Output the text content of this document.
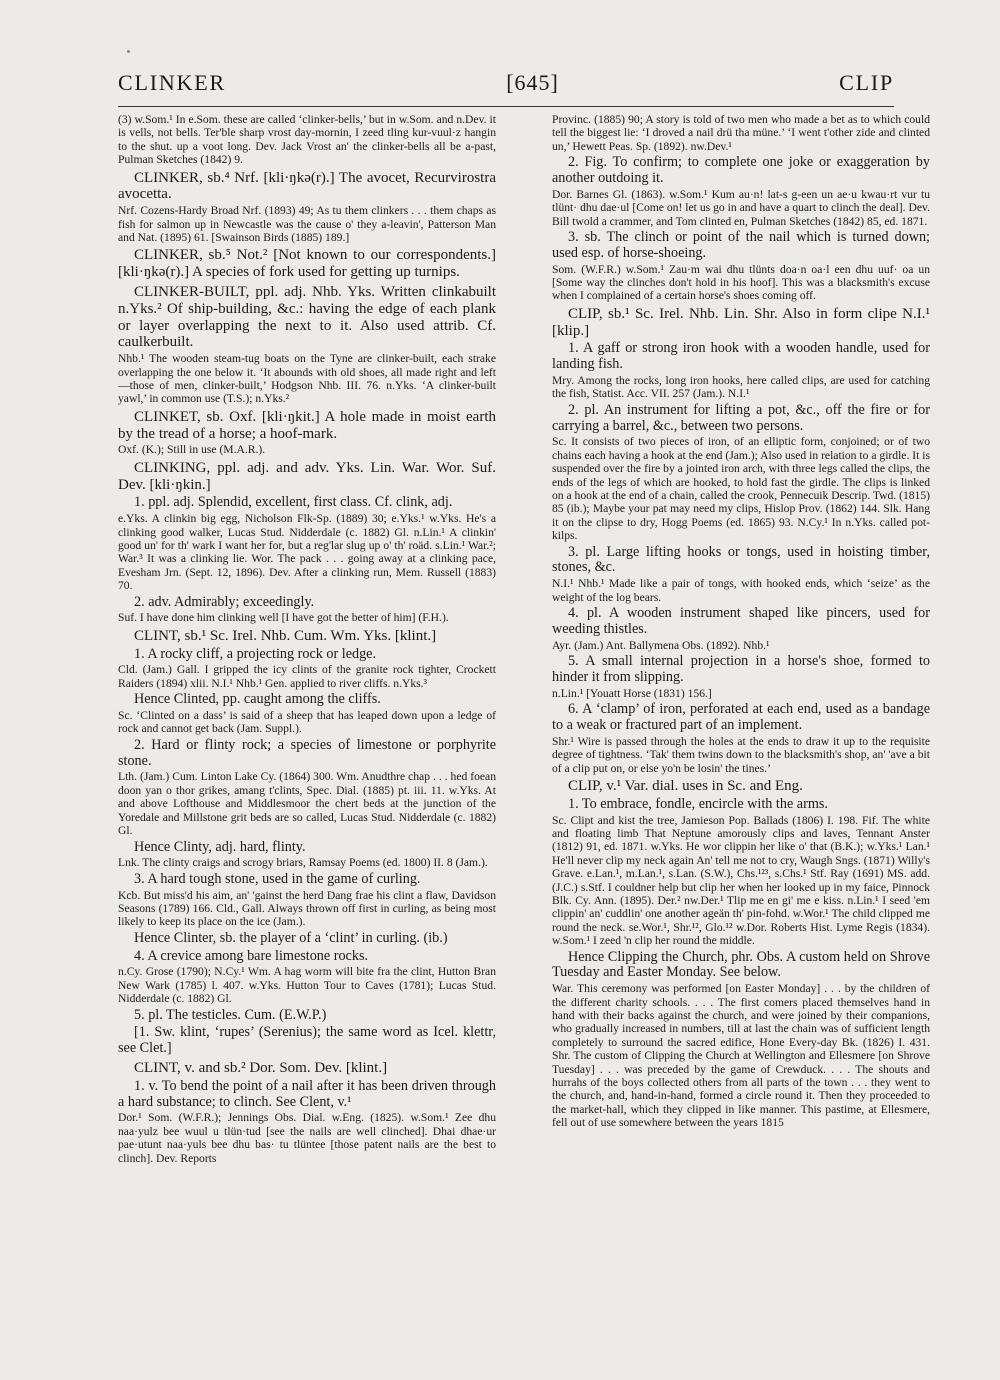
CLINKER	[645]	CLIP

(3) w.Som.¹ In e.Som. these are called ‘clinker-bells,’ but in w.Som. and n.Dev. it is vells, not bells. Ter'ble sharp vrost day-mornin, I zeed tling kur-vuul·z hangin to the shut. up a voot long. Dev. Jack Vrost an' the clinker-bells all be a-past, Pulman Sketches (1842) 9.

CLINKER, sb.⁴ Nrf. [kli·ŋkə(r).] The avocet, Recurvirostra avocetta.

Nrf. Cozens-Hardy Broad Nrf. (1893) 49; As tu them clinkers . . . them chaps as fish for salmon up in Newcastle was the cause o' they a-leavin', Patterson Man and Nat. (1895) 61. [Swainson Birds (1885) 189.]

CLINKER, sb.⁵ Not.² [Not known to our correspondents.] [kli·ŋkə(r).] A species of fork used for getting up turnips.

CLINKER-BUILT, ppl. adj. Nhb. Yks. Written clinkabuilt n.Yks.² Of ship-building, &c.: having the edge of each plank or layer overlapping the next to it. Also used attrib. Cf. caulkerbuilt.

Nhb.¹ The wooden steam-tug boats on the Tyne are clinker-built, each strake overlapping the one below it. ‘It abounds with old shoes, all made right and left—those of men, clinker-built,’ Hodgson Nhb. III. 76. n.Yks. ‘A clinker-built yawl,’ in common use (T.S.); n.Yks.²

CLINKET, sb. Oxf. [kli·ŋkit.] A hole made in moist earth by the tread of a horse; a hoof-mark.

Oxf. (K.); Still in use (M.A.R.).

CLINKING, ppl. adj. and adv. Yks. Lin. War. Wor. Suf. Dev. [kli·ŋkin.]

1. ppl. adj. Splendid, excellent, first class. Cf. clink, adj.

e.Yks. A clinkin big egg, Nicholson Flk-Sp. (1889) 30; e.Yks.¹ w.Yks. He's a clinking good walker, Lucas Stud. Nidderdale (c. 1882) Gl. n.Lin.¹ A clinkin' good un' for th' wark I want her for, but a reg'lar slug up o' th' roäd. s.Lin.¹ War.²; War.³ It was a clinking lie. Wor. The pack . . . going away at a clinking pace, Evesham Jrn. (Sept. 12, 1896). Dev. After a clinking run, Mem. Russell (1883) 70.

2. adv. Admirably; exceedingly.

Suf. I have done him clinking well [I have got the better of him] (F.H.).

CLINT, sb.¹ Sc. Irel. Nhb. Cum. Wm. Yks. [klint.]

1. A rocky cliff, a projecting rock or ledge.

Cld. (Jam.) Gall. I gripped the icy clints of the granite rock tighter, Crockett Raiders (1894) xlii. N.I.¹ Nhb.¹ Gen. applied to river cliffs. n.Yks.³

Hence Clinted, pp. caught among the cliffs.

Sc. ‘Clinted on a dass’ is said of a sheep that has leaped down upon a ledge of rock and cannot get back (Jam. Suppl.).

2. Hard or flinty rock; a species of limestone or porphyrite stone.

Lth. (Jam.) Cum. Linton Lake Cy. (1864) 300. Wm. Anudthre chap . . . hed foean doon yan o thor grikes, amang t'clints, Spec. Dial. (1885) pt. iii. 11. w.Yks. At and above Lofthouse and Middlesmoor the chert beds at the junction of the Yoredale and Millstone grit beds are so called, Lucas Stud. Nidderdale (c. 1882) Gl.

Hence Clinty, adj. hard, flinty.

Lnk. The clinty craigs and scrogy briars, Ramsay Poems (ed. 1800) II. 8 (Jam.).

3. A hard tough stone, used in the game of curling.

Kcb. But miss'd his aim, an' 'gainst the herd Dang frae his clint a flaw, Davidson Seasons (1789) 166. Cld., Gall. Always thrown off first in curling, as being most likely to keep its place on the ice (Jam.).

Hence Clinter, sb. the player of a ‘clint’ in curling. (ib.)

4. A crevice among bare limestone rocks.

n.Cy. Grose (1790); N.Cy.¹ Wm. A hag worm will bite fra the clint, Hutton Bran New Wark (1785) l. 407. w.Yks. Hutton Tour to Caves (1781); Lucas Stud. Nidderdale (c. 1882) Gl.

5. pl. The testicles. Cum. (E.W.P.)

[1. Sw. klint, ‘rupes’ (Serenius); the same word as Icel. klettr, see Clet.]

CLINT, v. and sb.² Dor. Som. Dev. [klint.]

1. v. To bend the point of a nail after it has been driven through a hard substance; to clinch. See Clent, v.¹

Dor.¹ Som. (W.F.R.); Jennings Obs. Dial. w.Eng. (1825). w.Som.¹ Zee dhu naa·yulz bee wuul u tlün·tud [see the nails are well clinched]. Dhai dhae·ur pae·utunt naa·yuls bee dhu bas· tu tlüntee [those patent nails are the best to clinch]. Dev. Reports

Provinc. (1885) 90; A story is told of two men who made a bet as to which could tell the biggest lie: ‘I droved a nail drü tha müne.’ ‘I went t'other zide and clinted un,’ Hewett Peas. Sp. (1892). nw.Dev.¹

2. Fig. To confirm; to complete one joke or exaggeration by another outdoing it.

Dor. Barnes Gl. (1863). w.Som.¹ Kum au·n! lat-s g-een un ae·u kwau·rt vur tu tlünt· dhu dae·ul [Come on! let us go in and have a quart to clinch the deal]. Dev. Bill twold a crammer, and Tom clinted en, Pulman Sketches (1842) 85, ed. 1871.

3. sb. The clinch or point of the nail which is turned down; used esp. of horse-shoeing.

Som. (W.F.R.) w.Som.¹ Zau·m wai dhu tlünts doa·n oa·l een dhu uuf· oa un [Some way the clinches don't hold in his hoof]. This was a blacksmith's excuse when I complained of a certain horse's shoes coming off.

CLIP, sb.¹ Sc. Irel. Nhb. Lin. Shr. Also in form clipe N.I.¹ [klip.]

1. A gaff or strong iron hook with a wooden handle, used for landing fish.

Mry. Among the rocks, long iron hooks, here called clips, are used for catching the fish, Statist. Acc. VII. 257 (Jam.). N.I.¹

2. pl. An instrument for lifting a pot, &c., off the fire or for carrying a barrel, &c., between two persons.

Sc. It consists of two pieces of iron, of an elliptic form, conjoined; or of two chains each having a hook at the end (Jam.); Also used in relation to a girdle. It is suspended over the fire by a jointed iron arch, with three legs called the clips, the ends of the legs of which are hooked, to hold fast the girdle. The clips is linked on a hook at the end of a chain, called the crook, Pennecuik Descrip. Twd. (1815) 85 (ib.); Maybe your pat may need my clips, Hislop Prov. (1862) 144. Slk. Hang it on the clipse to dry, Hogg Poems (ed. 1865) 93. N.Cy.¹ In n.Yks. called pot-kilps.

3. pl. Large lifting hooks or tongs, used in hoisting timber, stones, &c.

N.I.¹ Nhb.¹ Made like a pair of tongs, with hooked ends, which ‘seize’ as the weight of the log bears.

4. pl. A wooden instrument shaped like pincers, used for weeding thistles.

Ayr. (Jam.) Ant. Ballymena Obs. (1892). Nhb.¹

5. A small internal projection in a horse's shoe, formed to hinder it from slipping.

n.Lin.¹ [Youatt Horse (1831) 156.]

6. A ‘clamp’ of iron, perforated at each end, used as a bandage to a weak or fractured part of an implement.

Shr.¹ Wire is passed through the holes at the ends to draw it up to the requisite degree of tightness. ‘Tak' them twins down to the blacksmith's shop, an' 'ave a bit of a clip put on, or else yo'n be losin' the tines.’

CLIP, v.¹ Var. dial. uses in Sc. and Eng.

1. To embrace, fondle, encircle with the arms.

Sc. Clipt and kist the tree, Jamieson Pop. Ballads (1806) I. 198. Fif. The white and floating limb That Neptune amorously clips and laves, Tennant Anster (1812) 91, ed. 1871. w.Yks. He wor clippin her like o' that (B.K.); w.Yks.¹ Lan.¹ He'll never clip my neck again An' tell me not to cry, Waugh Sngs. (1871) Willy's Grave. e.Lan.¹, m.Lan.¹, s.Lan. (S.W.), Chs.¹²³, s.Chs.¹ Stf. Ray (1691) MS. add. (J.C.) s.Stf. I couldner help but clip her when her looked up in my faice, Pinnock Blk. Cy. Ann. (1895). Der.² nw.Der.¹ Tlip me en gi' me e kiss. n.Lin.¹ I seed 'em clippin' an' cuddlin' one another ageän th' pin-fohd. w.Wor.¹ The child clipped me round the neck. se.Wor.¹, Shr.¹², Glo.¹² w.Dor. Roberts Hist. Lyme Regis (1834). w.Som.¹ I zeed 'n clip her round the middle.

Hence Clipping the Church, phr. Obs. A custom held on Shrove Tuesday and Easter Monday. See below.

War. This ceremony was performed [on Easter Monday] . . . by the children of the different charity schools. . . . The first comers placed themselves hand in hand with their backs against the church, and were joined by their companions, who gradually increased in numbers, till at last the chain was of sufficient length completely to surround the sacred edifice, Hone Every-day Bk. (1826) I. 431. Shr. The custom of Clipping the Church at Wellington and Ellesmere [on Shrove Tuesday] . . . was preceded by the game of Crewduck. . . . The shouts and hurrahs of the boys collected others from all parts of the town . . . they went to the church, and, hand-in-hand, formed a circle round it. Then they proceeded to the market-hall, which they clipped in like manner. This pastime, at Ellesmere, fell out of use somewhere between the years 1815
